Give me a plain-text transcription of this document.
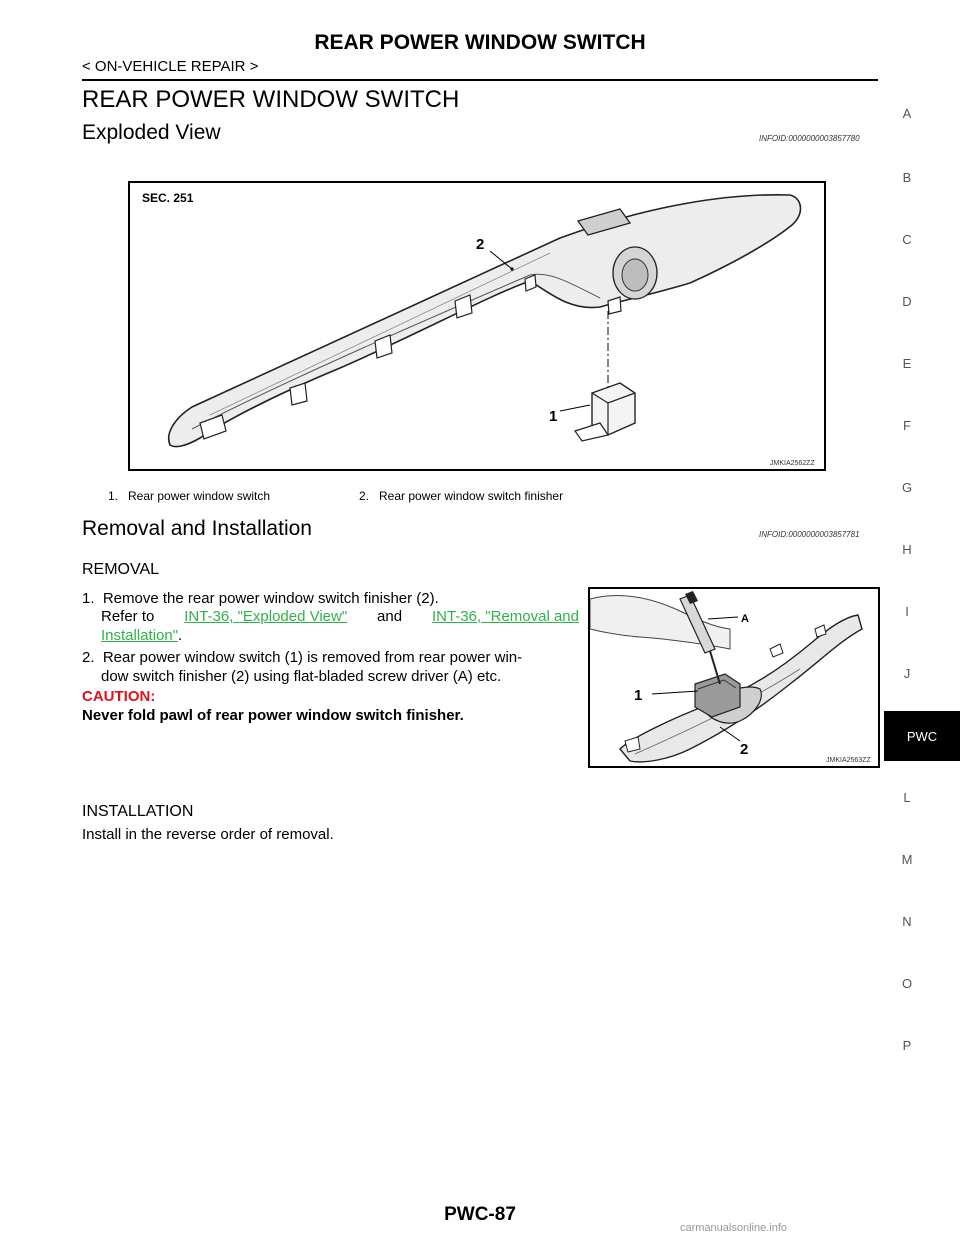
REAR POWER WINDOW SWITCH
< ON-VEHICLE REPAIR >
REAR POWER WINDOW SWITCH
Exploded View	INFOID:0000000003857780
SEC. 251
2
1
JMKIA2562ZZ
1.   Rear power window switch	2.   Rear power window switch finisher
Removal and Installation	INFOID:0000000003857781
REMOVAL
1.  Remove the rear power window switch finisher (2).
Refer to INT-36, "Exploded View" and INT-36, "Removal and
Installation".
2.  Rear power window switch (1) is removed from rear power win-
dow switch finisher (2) using flat-bladed screw driver (A) etc.
CAUTION:
Never fold pawl of rear power window switch finisher.
A
1
2
JMKIA2563ZZ
INSTALLATION
Install in the reverse order of removal.
A
B
C
D
E
F
G
H
I
J
PWC
L
M
N
O
P
PWC-87
carmanualsonline.info
